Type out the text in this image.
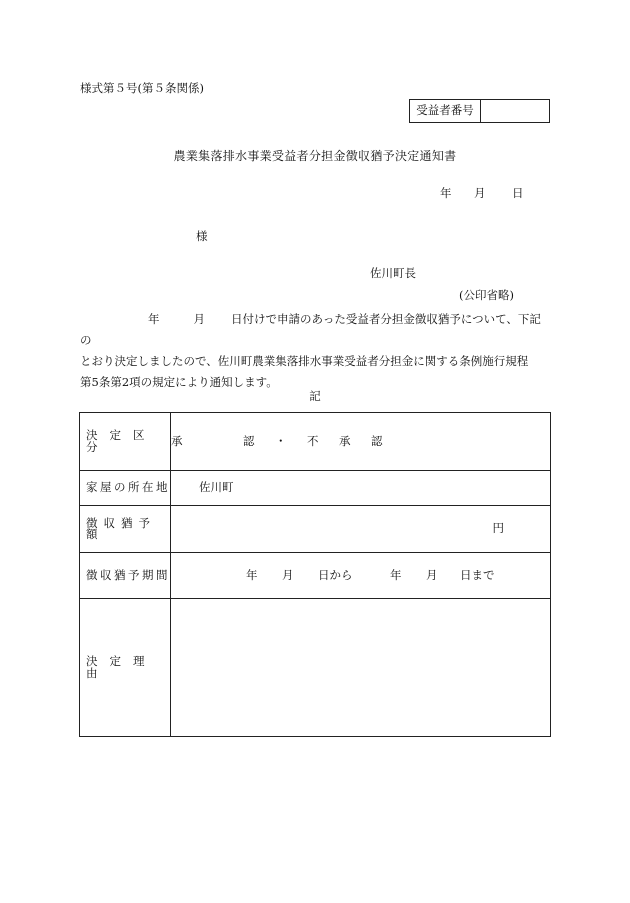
様式第５号(第５条関係)
受益者番号	
農業集落排水事業受益者分担金徴収猶予決定通知書
年 月 日
様
佐川町長
(公印省略)
年	月 日付けで申請のあった受益者分担金徴収猶予について、下記の
とおり決定しましたので、佐川町農業集落排水事業受益者分担金に関する条例施行規程
第5条第2項の規定により通知します。
記
決定区分	承 認 ・ 不 承 認
家屋の所在地	佐川町
徴収猶予額	円
徴収猶予期間	年 月 日から 年 月 日まで
決定理由	
